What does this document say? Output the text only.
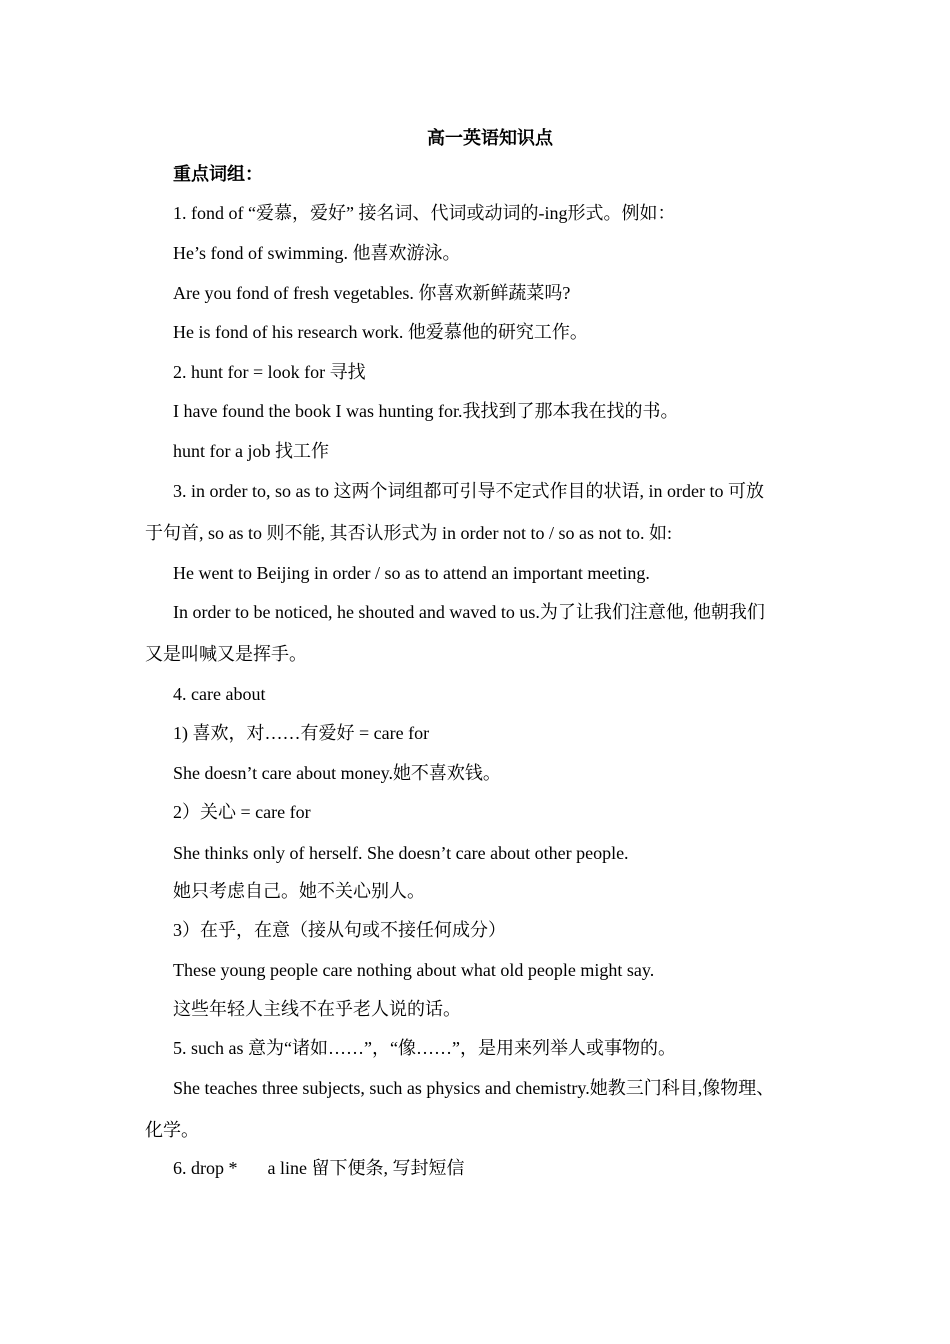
高一英语知识点
重点词组：
1. fond of “爱慕，爱好” 接名词、代词或动词的-ing形式。例如：
He’s fond of swimming. 他喜欢游泳。
Are you fond of fresh vegetables. 你喜欢新鲜蔬菜吗?
He is fond of his research work. 他爱慕他的研究工作。
2. hunt for = look for 寻找
I have found the book I was hunting for.我找到了那本我在找的书。
hunt for a job 找工作
3. in order to, so as to 这两个词组都可引导不定式作目的状语, in order to 可放
于句首, so as to 则不能, 其否认形式为 in order not to / so as not to. 如:
He went to Beijing in order / so as to attend an important meeting.
In order to be noticed, he shouted and waved to us.为了让我们注意他, 他朝我们
又是叫喊又是挥手。
4. care about
1) 喜欢，对……有爱好 = care for
She doesn’t care about money.她不喜欢钱。
2）关心 = care for
She thinks only of herself. She doesn’t care about other people.
她只考虑自己。她不关心别人。
3）在乎，在意（接从句或不接任何成分）
These young people care nothing about what old people might say.
这些年轻人主线不在乎老人说的话。
5. such as 意为“诸如……”，“像……”，是用来列举人或事物的。
She teaches three subjects, such as physics and chemistry.她教三门科目,像物理、
化学。
6. drop * a line 留下便条, 写封短信
